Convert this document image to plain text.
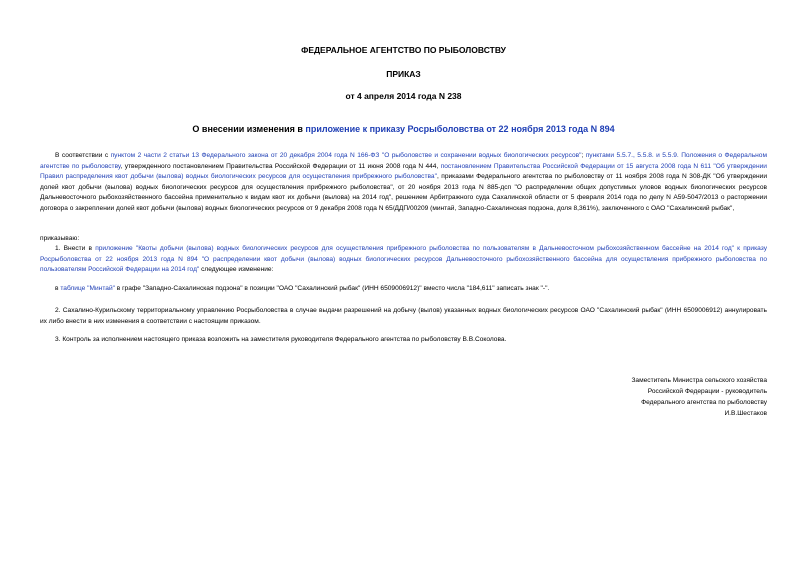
ФЕДЕРАЛЬНОЕ АГЕНТСТВО ПО РЫБОЛОВСТВУ
ПРИКАЗ
от 4 апреля 2014 года N 238
О внесении изменения в приложение к приказу Росрыболовства от 22 ноября 2013 года N 894
В соответствии с пунктом 2 части 2 статьи 13 Федерального закона от 20 декабря 2004 года N 166-ФЗ "О рыболовстве и сохранении водных биологических ресурсов"; пунктами 5.5.7., 5.5.8. и 5.5.9. Положения о Федеральном агентстве по рыболовству, утвержденного постановлением Правительства Российской Федерации от 11 июня 2008 года N 444, постановлением Правительства Российской Федерации от 15 августа 2008 года N 611 "Об утверждении Правил распределения квот добычи (вылова) водных биологических ресурсов для осуществления прибрежного рыболовства", приказами Федерального агентства по рыболовству от 11 ноября 2008 года N 308-ДК "Об утверждении долей квот добычи (вылова) водных биологических ресурсов для осуществления прибрежного рыболовства", от 20 ноября 2013 года N 885-дсп "О распределении общих допустимых уловов водных биологических ресурсов Дальневосточного рыбохозяйственного бассейна применительно к видам квот их добычи (вылова) на 2014 год", решением Арбитражного суда Сахалинской области от 5 февраля 2014 года по делу N А59-5047/2013 о расторжении договора о закреплении долей квот добычи (вылова) водных биологических ресурсов от 9 декабря 2008 года N 65/ДДП/00209 (минтай, Западно-Сахалинская подзона, доля 8,361%), заключенного с ОАО "Сахалинский рыбак",
приказываю:
1. Внести в приложение "Квоты добычи (вылова) водных биологических ресурсов для осуществления прибрежного рыболовства по пользователям в Дальневосточном рыбохозяйственном бассейне на 2014 год" к приказу Росрыболовства от 22 ноября 2013 года N 894 "О распределении квот добычи (вылова) водных биологических ресурсов Дальневосточного рыбохозяйственного бассейна для осуществления прибрежного рыболовства по пользователям Российской Федерации на 2014 год" следующее изменение:
в таблице "Минтай" в графе "Западно-Сахалинская подзона" в позиции "ОАО "Сахалинский рыбак" (ИНН 6509006912)" вместо числа "184,611" записать знак "-".
2. Сахалино-Курильскому территориальному управлению Росрыболовства в случае выдачи разрешений на добычу (вылов) указанных водных биологических ресурсов ОАО "Сахалинский рыбак" (ИНН 6509006912) аннулировать их либо внести в них изменения в соответствии с настоящим приказом.
3. Контроль за исполнением настоящего приказа возложить на заместителя руководителя Федерального агентства по рыболовству В.В.Соколова.
Заместитель Министра сельского хозяйства
Российской Федерации - руководитель
Федерального агентства по рыболовству
И.В.Шестаков
